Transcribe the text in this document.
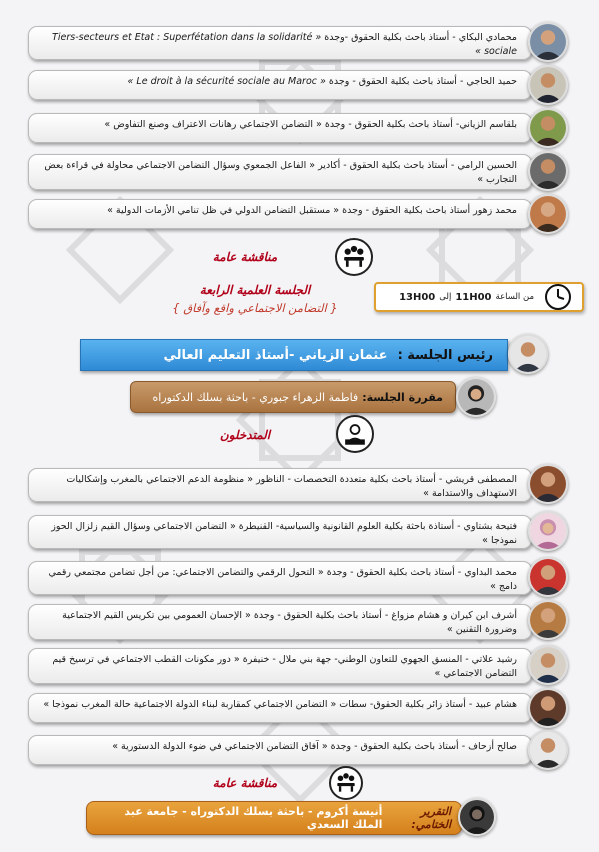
محمادي البكاي - أستاذ باحث بكلية الحقوق -وجدة « Tiers-secteurs et Etat : Superfétation dans la solidarité sociale »
حميد الحاجي - أستاذ باحث بكلية الحقوق - وجدة « Le droit à la sécurité sociale au Maroc »
بلقاسم الزياني- أستاذ باحث بكلية الحقوق - وجدة « التضامن الاجتماعي رهانات الاعتراف وصنع التفاوض »
الحسين الرامي - أستاذ باحث بكلية الحقوق - أكادير « الفاعل الجمعوي وسؤال التضامن الاجتماعي محاولة في قراءة بعض التجارب »
محمد زهور أستاذ باحث بكلية الحقوق - وجدة « مستقبل التضامن الدولي في ظل تنامي الأزمات الدولية »
مناقشة عامة
الجلسة العلمية الرابعة
{ التضامن الاجتماعي واقع وآفاق }
من الساعة
11H00
إلى
13H00
رئيس الجلسة :
عثمان الزياني -أستاذ التعليم العالي
مقررة الجلسة:
فاطمة الزهراء جبوري - باحثة بسلك الدكتوراه
المتدخلون
المصطفى قريشي - أستاذ باحث بكلية متعددة التخصصات - الناظور « منظومة الدعم الاجتماعي بالمغرب وإشكاليات الاستهداف والاستدامة »
فتيحة بشتاوي - أستاذة باحثة بكلية العلوم القانونية والسياسية- القنيطرة « التضامن الاجتماعي وسؤال القيم زلزال الحوز نموذجا »
محمد البداوي - أستاذ باحث بكلية الحقوق - وجدة « التحول الرقمي والتضامن الاجتماعي: من أجل تضامن مجتمعي رقمي دامج »
أشرف ابن كيران و هشام مزواغ - أستاذ باحث بكلية الحقوق - وجدة « الإحسان العمومي بين تكريس القيم الاجتماعية وضرورة التقنين »
رشيد علاتي - المنسق الجهوي للتعاون الوطني- جهة بني ملال - خنيفرة « دور مكونات القطب الاجتماعي في ترسيخ قيم التضامن الاجتماعي »
هشام عبيد - أستاذ زائر بكلية الحقوق- سطات « التضامن الاجتماعي كمقاربة لبناء الدولة الاجتماعية حالة المغرب نموذجا »
صالح أزحاف - أستاذ باحث بكلية الحقوق - وجدة « آفاق التضامن الاجتماعي في ضوء الدولة الدستورية »
مناقشة عامة
التقرير الختامي:
أنيسة أكروم - باحثة بسلك الدكتوراه - جامعة عبد الملك السعدي
